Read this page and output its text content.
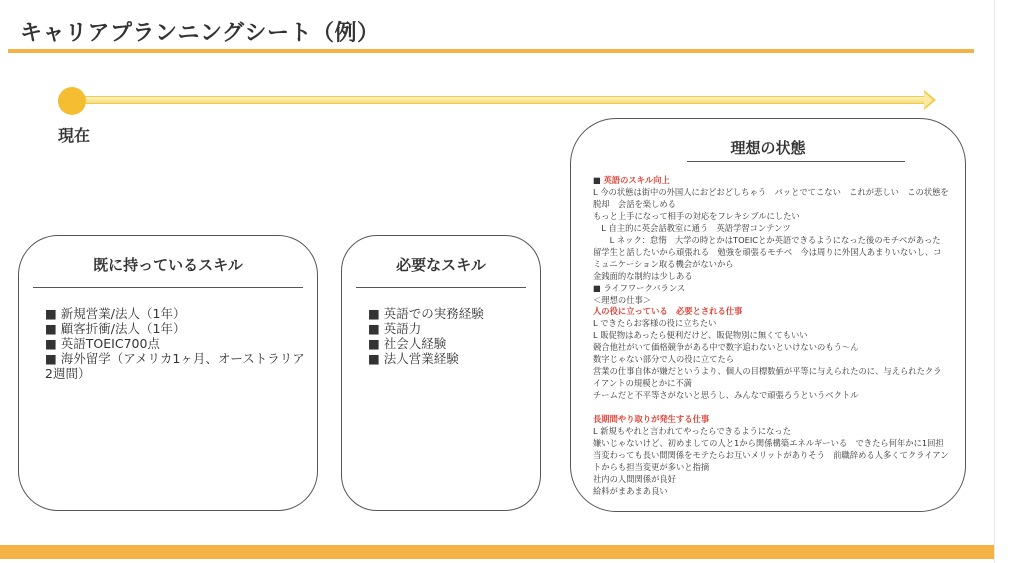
キャリアプランニングシート（例）
現在
既に持っているスキル
■ 新規営業/法人（1年）
■ 顧客折衝/法人（1年）
■ 英語TOEIC700点
■ 海外留学（アメリカ1ヶ月、オーストラリア2週間）
必要なスキル
■ 英語での実務経験
■ 英語力
■ 社会人経験
■ 法人営業経験
理想の状態

■ 英語のスキル向上

L 今の状態は街中の外国人におどおどしちゃう　パッとでてこない　これが悲しい　この状態を脱却　会話を楽しめる

もっと上手になって相手の対応をフレキシブルにしたい

　L 自主的に英会話教室に通う　英語学習コンテンツ

　　L ネック：怠惰　大学の時とかはTOEICとか英語できるようになった後のモチベがあった　留学生と話したいから頑張れる　勉強を頑張るモチベ　今は周りに外国人あまりいないし、コミュニケーション取る機会がないから

金銭面的な制約は少しある

■ ライフワークバランス

＜理想の仕事＞

人の役に立っている　必要とされる仕事

L できたらお客様の役に立ちたい

L 販促物はあったら便利だけど、販促物別に無くてもいい

競合他社がいて価格競争がある中で数字追わないといけないのもう〜ん

数字じゃない部分で人の役に立てたら

営業の仕事自体が嫌だというより、個人の目標数値が平等に与えられたのに、与えられたクライアントの規模とかに不満

チームだと不平等さがないと思うし、みんなで頑張ろうというベクトル

長期間やり取りが発生する仕事

L 新規もやれと言われてやったらできるようになった

嫌いじゃないけど、初めましての人と1から関係構築エネルギーいる　できたら何年かに1回担当変わっても長い間関係をモテたらお互いメリットがありそう　前職辞める人多くてクライアントからも担当変更が多いと指摘

社内の人間関係が良好

給料がまあまあ良い
